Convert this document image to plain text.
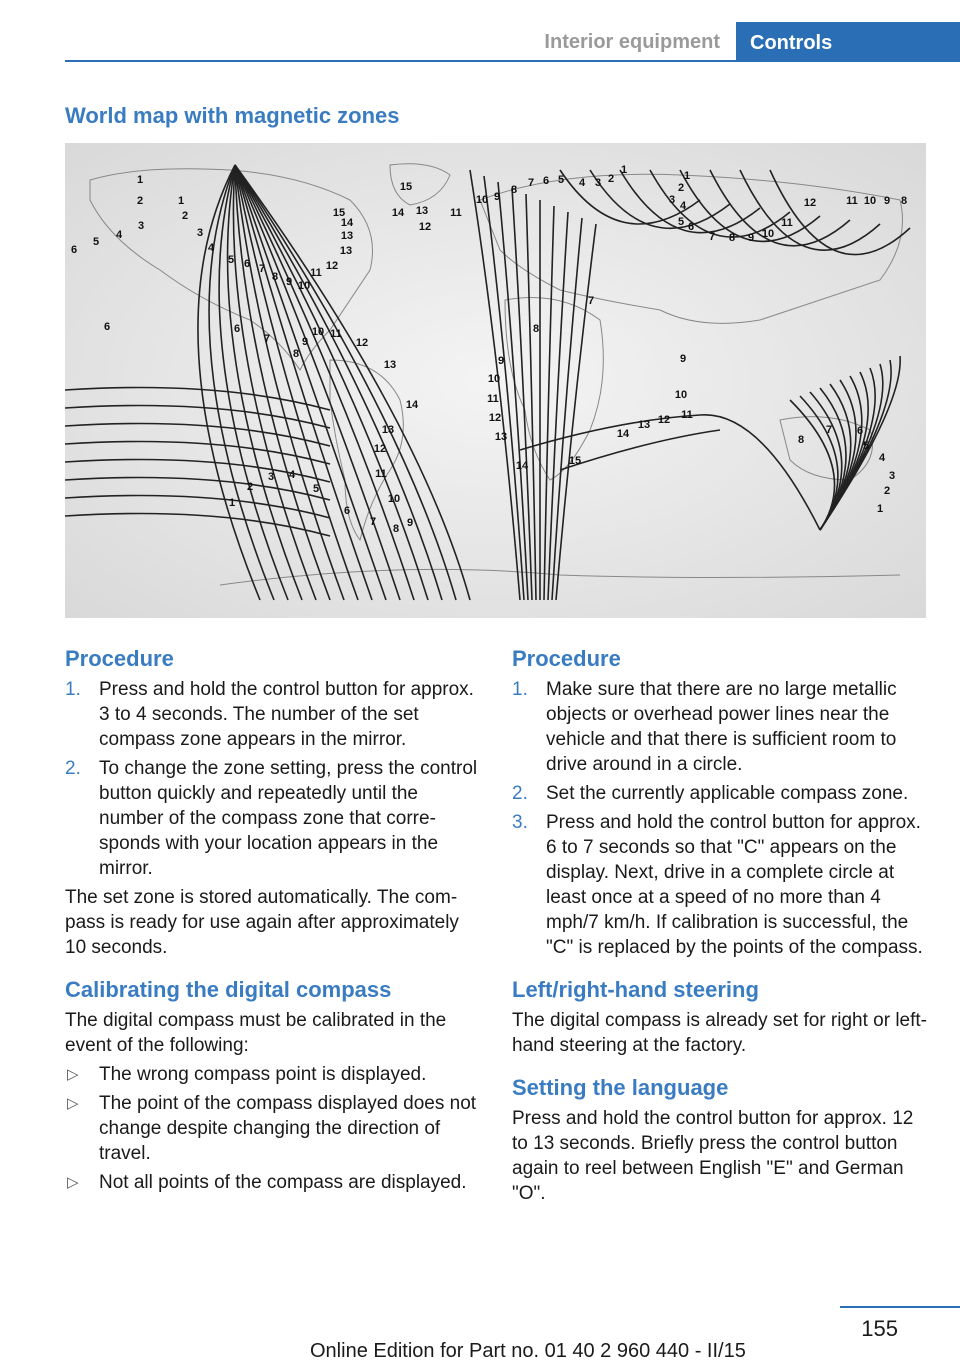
Interior equipment	Controls
World map with magnetic zones
1
2	1
3
2
4	3
5	4
6
5 6 7
8 9 10
11
12
13
13
14
15
15
14 13
12
11
6	6
7
8
9
10 11
12
13
14
13
12
11
10
9
8
7
6
5
4
3
2
1
10 9
8
7 6 5 4 3 2
1	1
2
3 4
5 6
7 8 9 10
11
12	11 10 9 8
7
8
9
10
11
12
13
14	15
14
13 12 11
10
9
8
7 6
5
4
3
2
1
Procedure
1. Press and hold the control button for approx. 3 to 4 seconds. The number of the set compass zone appears in the mirror.
2. To change the zone setting, press the control button quickly and repeatedly until the number of the compass zone that corresponds with your location appears in the mirror.
The set zone is stored automatically. The compass is ready for use again after approximately 10 seconds.
Calibrating the digital compass
The digital compass must be calibrated in the event of the following:
▷ The wrong compass point is displayed.
▷ The point of the compass displayed does not change despite changing the direction of travel.
▷ Not all points of the compass are displayed.
Procedure
1. Make sure that there are no large metallic objects or overhead power lines near the vehicle and that there is sufficient room to drive around in a circle.
2. Set the currently applicable compass zone.
3. Press and hold the control button for approx. 6 to 7 seconds so that "C" appears on the display. Next, drive in a complete circle at least once at a speed of no more than 4 mph/7 km/h. If calibration is successful, the "C" is replaced by the points of the compass.
Left/right-hand steering
The digital compass is already set for right or left-hand steering at the factory.
Setting the language
Press and hold the control button for approx. 12 to 13 seconds. Briefly press the control button again to reel between English "E" and German "O".
155
Online Edition for Part no. 01 40 2 960 440 - II/15
